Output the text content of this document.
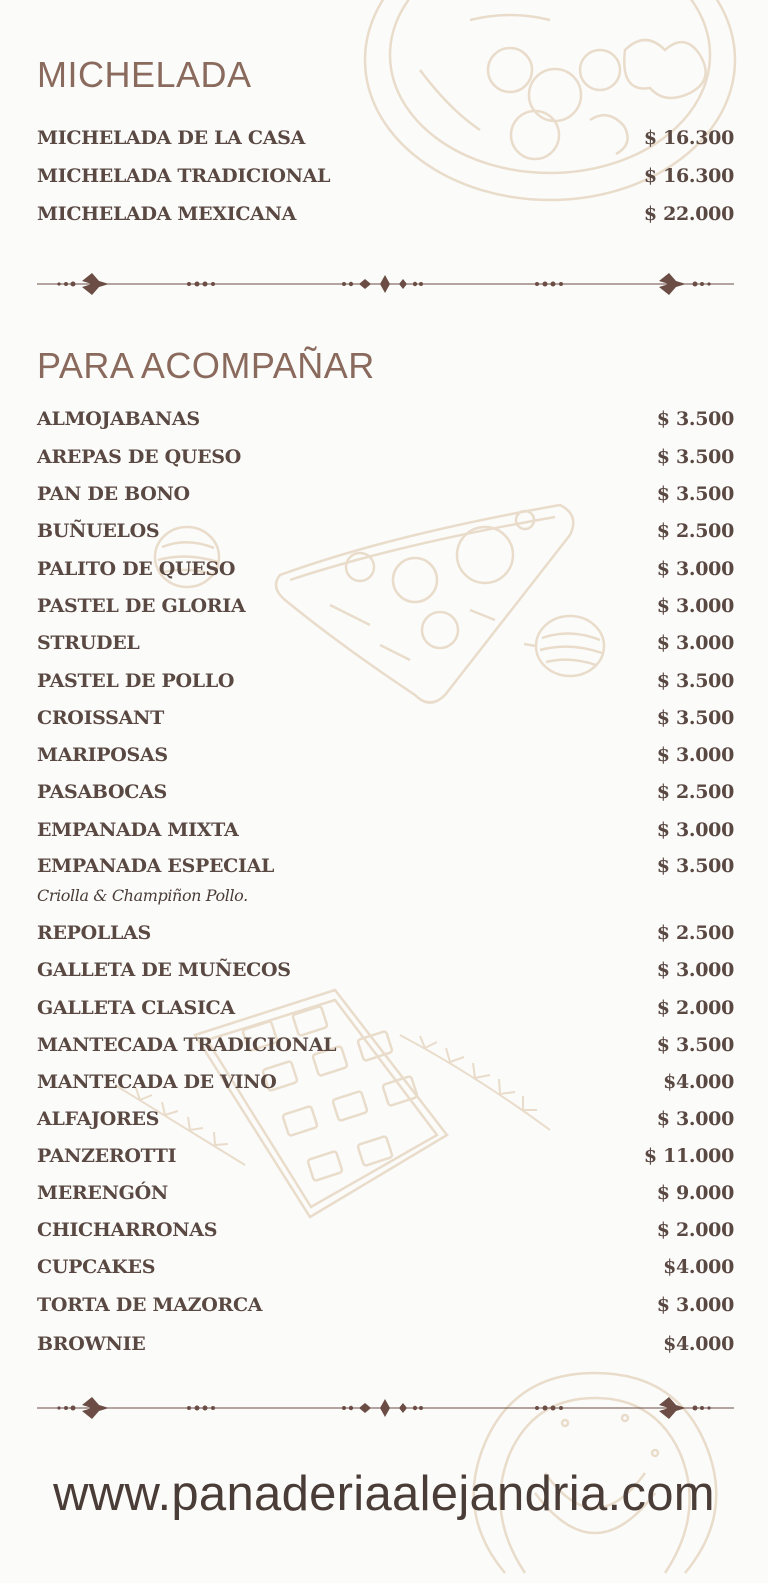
MICHELADA
MICHELADA DE LA CASA	$ 16.300
MICHELADA TRADICIONAL	$ 16.300
MICHELADA MEXICANA	$ 22.000
PARA ACOMPAÑAR
ALMOJABANAS	$ 3.500
AREPAS DE QUESO	$ 3.500
PAN DE BONO	$ 3.500
BUÑUELOS	$ 2.500
PALITO DE QUESO	$ 3.000
PASTEL DE GLORIA	$ 3.000
STRUDEL	$ 3.000
PASTEL DE POLLO	$ 3.500
CROISSANT	$ 3.500
MARIPOSAS	$ 3.000
PASABOCAS	$ 2.500
EMPANADA MIXTA	$ 3.000
EMPANADA ESPECIAL	$ 3.500
Criolla & Champiñon Pollo.
REPOLLAS	$ 2.500
GALLETA DE MUÑECOS	$ 3.000
GALLETA CLASICA	$ 2.000
MANTECADA TRADICIONAL	$ 3.500
MANTECADA DE VINO	$4.000
ALFAJORES	$ 3.000
PANZEROTTI	$ 11.000
MERENGÓN	$ 9.000
CHICHARRONAS	$ 2.000
CUPCAKES	$4.000
TORTA DE MAZORCA	$ 3.000
BROWNIE	$4.000
www.panaderiaalejandria.com
